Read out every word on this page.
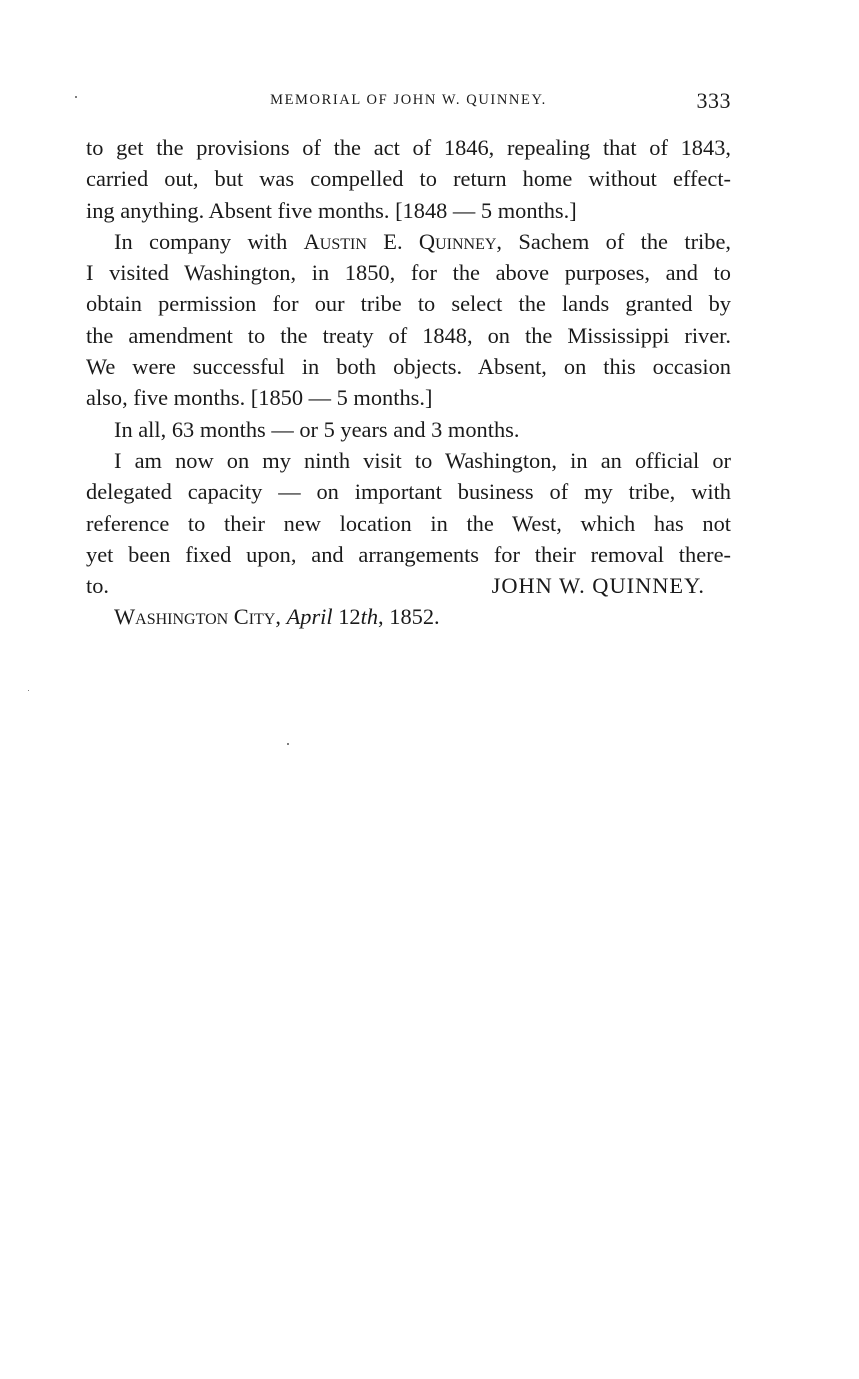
MEMORIAL OF JOHN W. QUINNEY.	333
to get the provisions of the act of 1846, repealing that of 1843,
carried out, but was compelled to return home without effect-
ing anything. Absent five months. [1848 — 5 months.]
In company with Austin E. Quinney, Sachem of the tribe,
I visited Washington, in 1850, for the above purposes, and to
obtain permission for our tribe to select the lands granted by
the amendment to the treaty of 1848, on the Mississippi river.
We were successful in both objects. Absent, on this occasion
also, five months. [1850 — 5 months.]
In all, 63 months — or 5 years and 3 months.
I am now on my ninth visit to Washington, in an official or
delegated capacity — on important business of my tribe, with
reference to their new location in the West, which has not
yet been fixed upon, and arrangements for their removal there-
to.	JOHN W. QUINNEY.
Washington City, April 12th, 1852.
